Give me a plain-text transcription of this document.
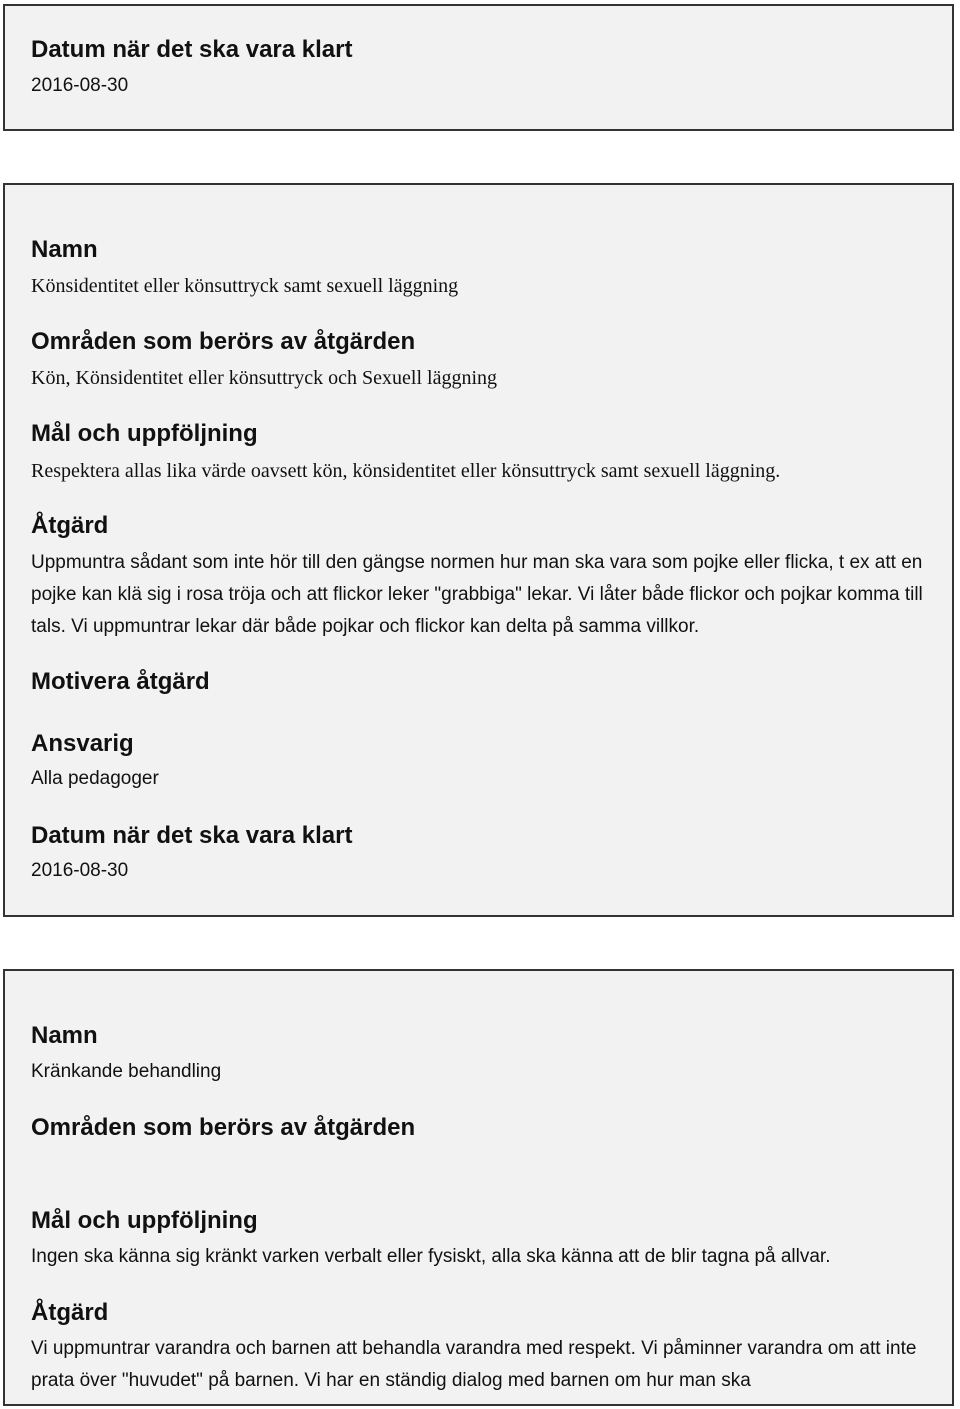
Datum när det ska vara klart
2016-08-30
Namn
Könsidentitet eller könsuttryck samt sexuell läggning
Områden som berörs av åtgärden
Kön, Könsidentitet eller könsuttryck och Sexuell läggning
Mål och uppföljning
Respektera allas lika värde oavsett kön, könsidentitet eller könsuttryck samt sexuell läggning.
Åtgärd

Uppmuntra sådant som inte hör till den gängse normen hur man ska vara som pojke eller flicka, t ex att en pojke kan klä sig i rosa tröja och att flickor leker "grabbiga" lekar. Vi låter både flickor och pojkar komma till tals. Vi uppmuntrar lekar där både pojkar och flickor kan delta på samma villkor.

Motivera åtgärd
Ansvarig
Alla pedagoger
Datum när det ska vara klart
2016-08-30
Namn
Kränkande behandling
Områden som berörs av åtgärden
Mål och uppföljning
Ingen ska känna sig kränkt varken verbalt eller fysiskt, alla ska känna att de blir tagna på allvar.
Åtgärd

Vi uppmuntrar varandra och barnen att behandla varandra med respekt. Vi påminner varandra om att inte prata över "huvudet" på barnen. Vi har en ständig dialog med barnen om hur man ska
